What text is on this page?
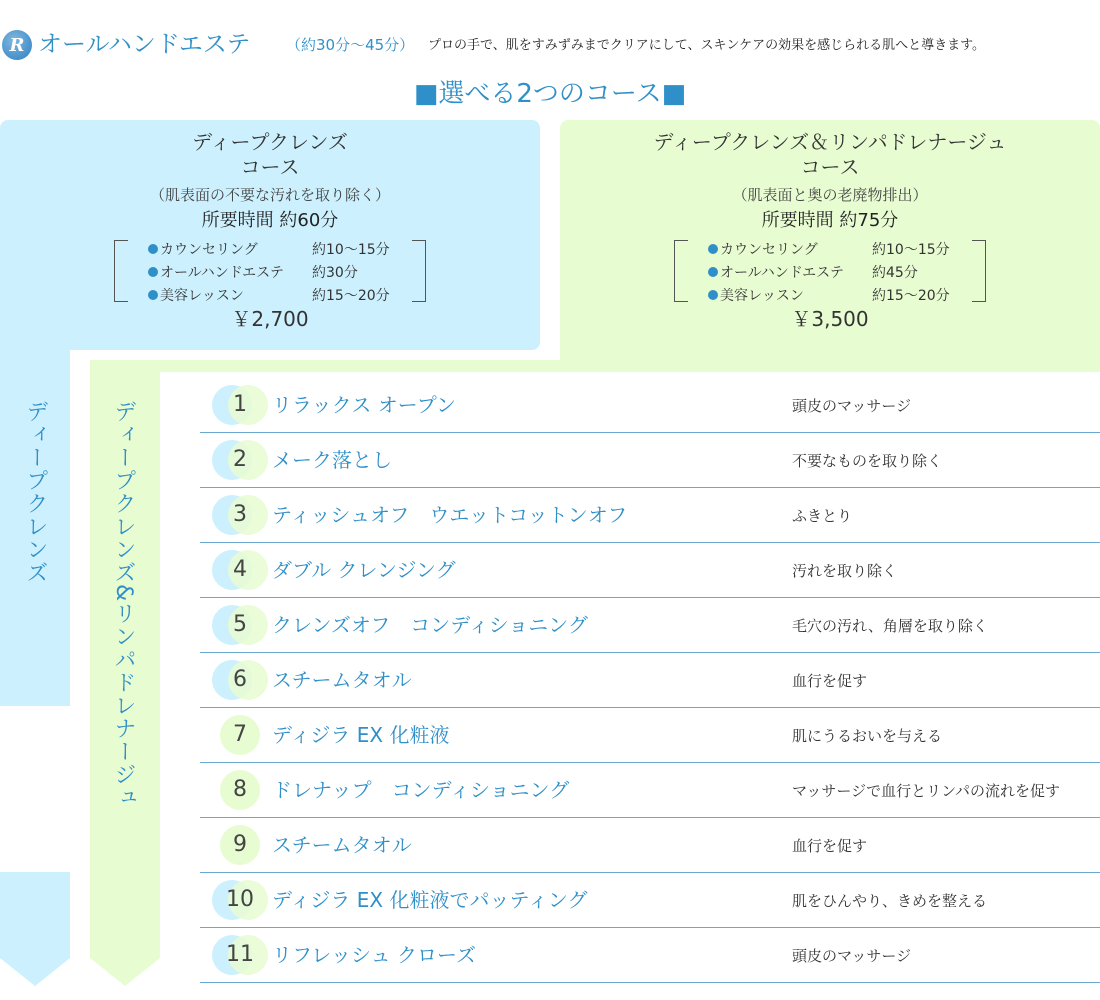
R オールハンドエステ （約30分〜45分） プロの手で、肌をすみずみまでクリアにして、スキンケアの効果を感じられる肌へと導きます。
■選べる2つのコース■
ディープクレンズ
コース
（肌表面の不要な汚れを取り除く）
所要時間 約60分
カウンセリング	約10〜15分
オールハンドエステ 約30分
美容レッスン	約15〜20分
￥2,700
ディープクレンズ＆リンパドレナージュ
コース
（肌表面と奥の老廃物排出）
所要時間 約75分
カウンセリング	約10〜15分
オールハンドエステ 約45分
美容レッスン	約15〜20分
￥3,500
ディープクレンズ	ディープクレンズ&リンパドレナージュ	1	リラックス オープン	頭皮のマッサージ
2	メーク落とし	不要なものを取り除く
3	ティッシュオフ　ウエットコットンオフ	ふきとり
4	ダブル クレンジング	汚れを取り除く
5	クレンズオフ　コンディショニング	毛穴の汚れ、角層を取り除く
6	スチームタオル	血行を促す
7	ディジラ EX 化粧液	肌にうるおいを与える
8	ドレナップ　コンディショニング	マッサージで血行とリンパの流れを促す
9	スチームタオル	血行を促す
10 ディジラ EX 化粧液でパッティング	肌をひんやり、きめを整える
11 リフレッシュ クローズ	頭皮のマッサージ
